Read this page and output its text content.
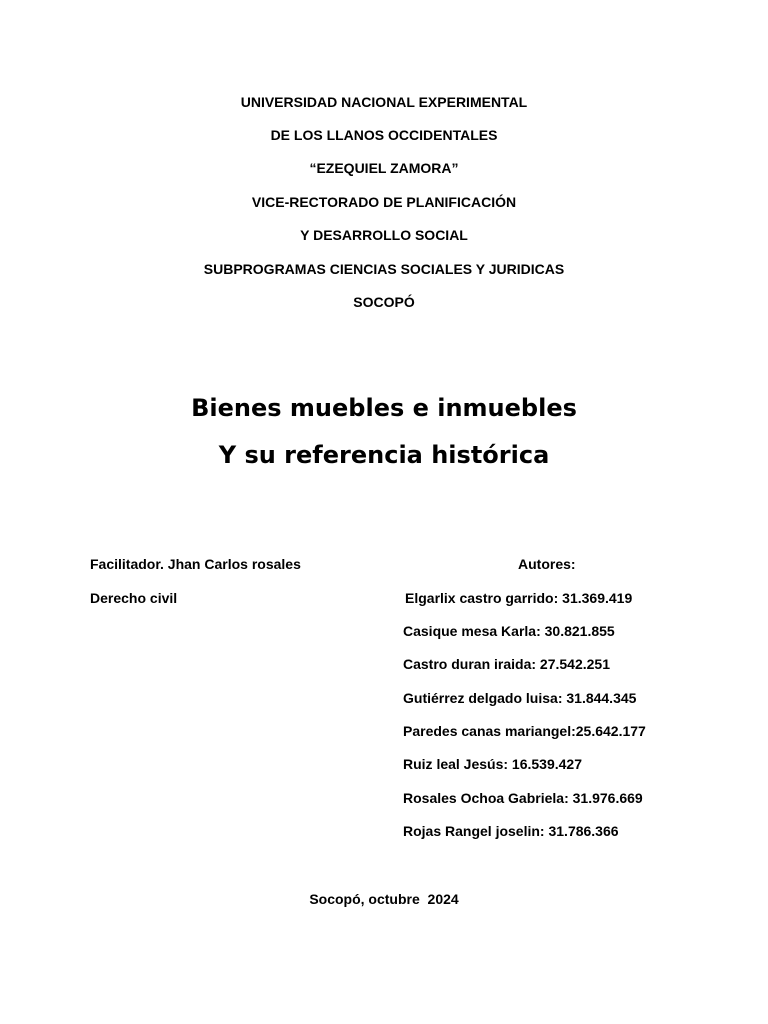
UNIVERSIDAD NACIONAL EXPERIMENTAL
DE LOS LLANOS OCCIDENTALES
“EZEQUIEL ZAMORA”
VICE-RECTORADO DE PLANIFICACIÓN
Y DESARROLLO SOCIAL
SUBPROGRAMAS CIENCIAS SOCIALES Y JURIDICAS
SOCOPÓ
Bienes muebles e inmuebles
Y su referencia histórica
Facilitador. Jhan Carlos rosales
Derecho civil
Autores:
Elgarlix castro garrido: 31.369.419
Casique mesa Karla: 30.821.855
Castro duran iraida: 27.542.251
Gutiérrez delgado luisa: 31.844.345
Paredes canas mariangel:25.642.177
Ruiz leal Jesús: 16.539.427
Rosales Ochoa Gabriela: 31.976.669
Rojas Rangel joselin: 31.786.366
Socopó, octubre  2024
